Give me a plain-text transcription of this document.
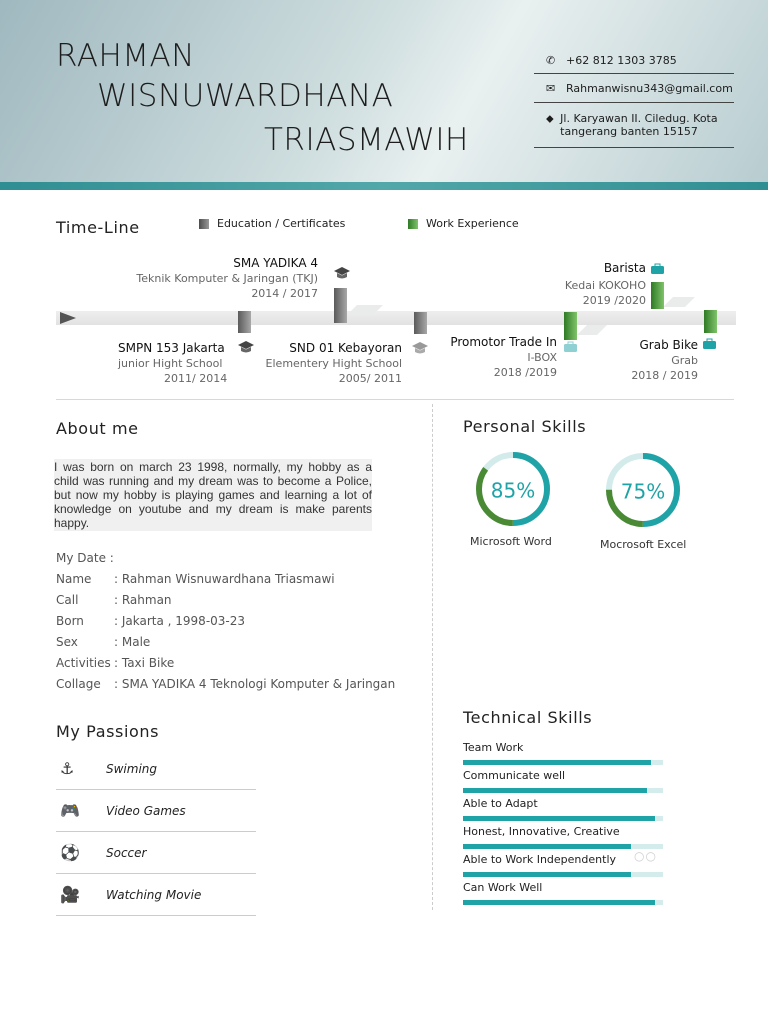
RAHMAN
WISNUWARDHANA
TRIASMAWIH
✆ +62 812 1303 3785
✉ Rahmanwisnu343@gmail.com
⬥ Jl. Karyawan II. Ciledug. Kota tangerang banten 15157
Time-Line	Education / Certificates	Work Experience
SMA YADIKA 4
Teknik Komputer & Jaringan (TKJ)
2014 / 2017
SMPN 153 Jakarta
junior Hight School
2011/ 2014
SND 01 Kebayoran
Elementery Hight School
2005/ 2011
Promotor Trade In
I-BOX
2018 /2019
Barista
Kedai KOKOHO
2019 /2020
Grab Bike
Grab
2018 / 2019
About me
I was born on march 23 1998, normally, my hobby as a child was running and my dream was to become a Police, but now my hobby is playing games and learning a lot of knowledge on youtube and my dream is make parents happy.
My Date :
Name	: Rahman Wisnuwardhana Triasmawi
Call	: Rahman
Born	: Jakarta , 1998-03-23
Sex	: Male
Activities : Taxi Bike
Collage	: SMA YADIKA 4 Teknologi Komputer & Jaringan
My Passions
⚓	Swiming
🎮	Video Games
⚽	Soccer
🎥	Watching Movie
Personal Skills
85%
Microsoft Word
75%
Mocrosoft Excel
Technical Skills
Team Work
Communicate well
Able to Adapt
Honest, Innovative, Creative
Able to Work Independently
Can Work Well
○○
